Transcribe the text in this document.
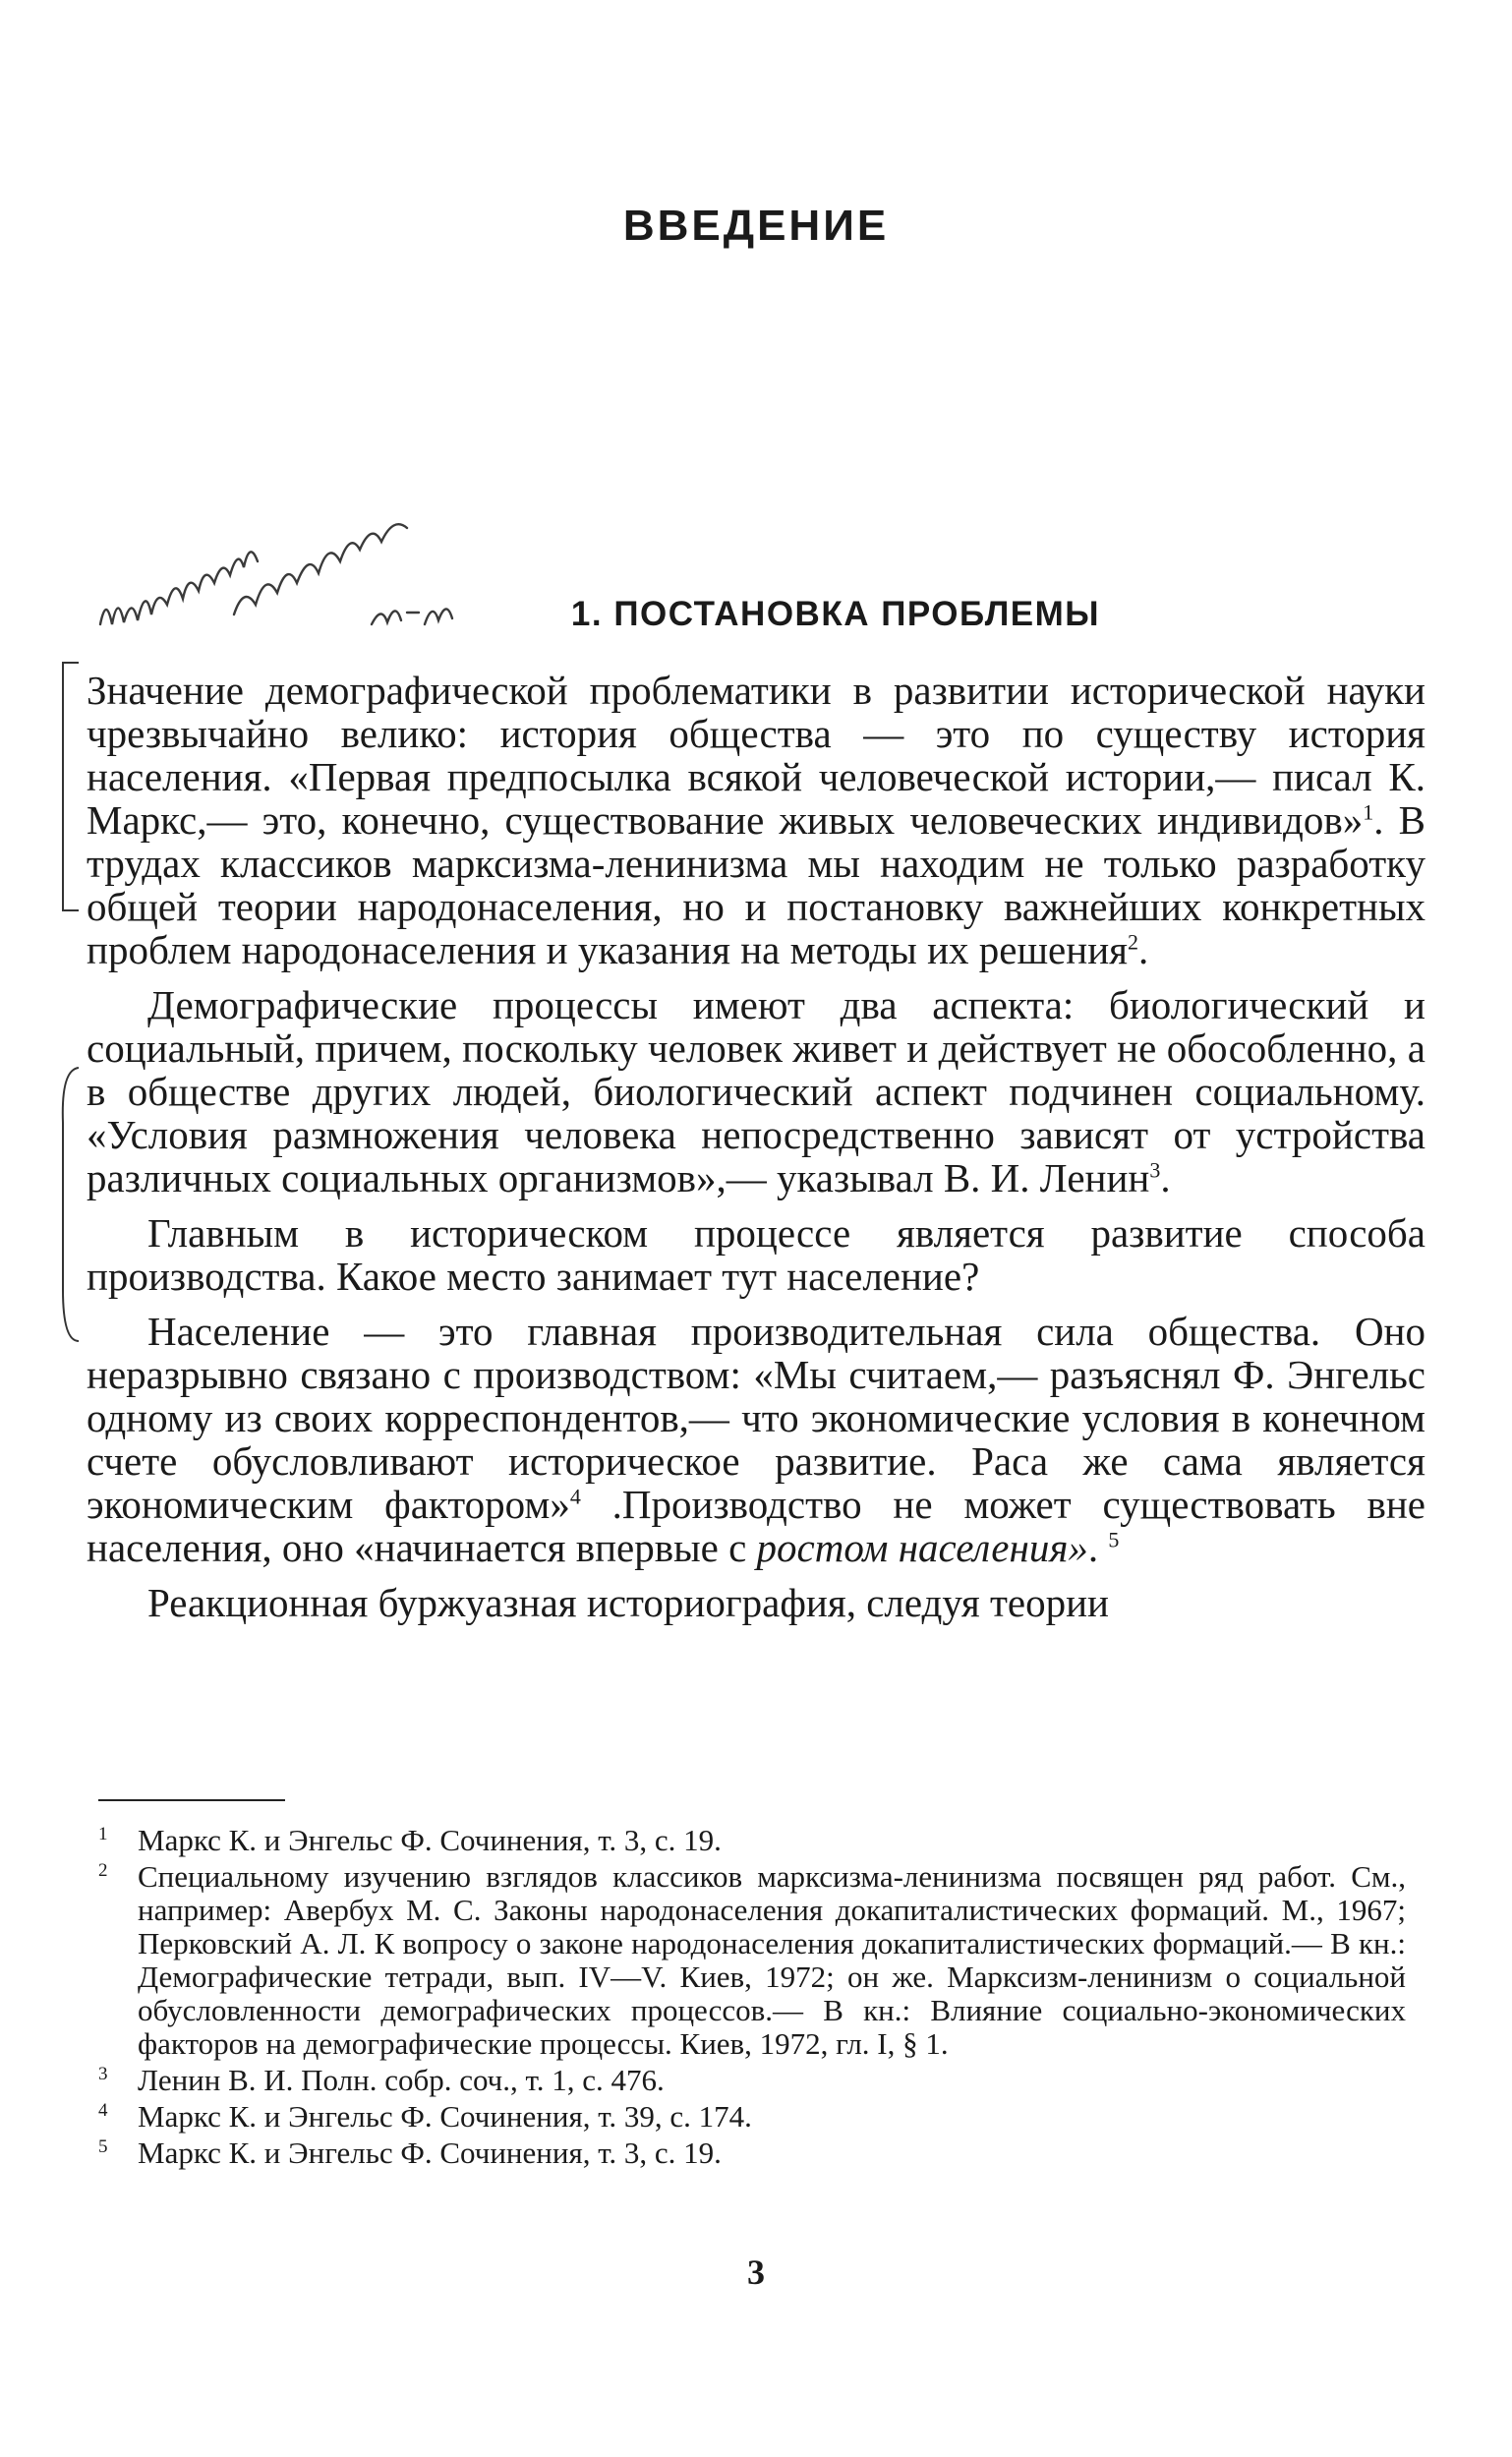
ВВЕДЕНИЕ
1. ПОСТАНОВКА ПРОБЛЕМЫ

Значение демографической проблематики в развитии исторической науки чрезвычайно велико: история общества — это по существу история населения. «Первая предпосылка всякой человеческой истории,— писал К. Маркс,— это, конечно, существование живых человеческих индивидов»$^1$. В трудах классиков марксизма-ленинизма мы находим не только разработку общей теории народонаселения, но и постановку важнейших конкретных проблем народонаселения и указания на методы их решения$^2$.

Демографические процессы имеют два аспекта: биологический и социальный, причем, поскольку человек живет и действует не обособленно, а в обществе других людей, биологический аспект подчинен социальному. «Условия размножения человека непосредственно зависят от устройства различных социальных организмов»,— указывал В. И. Ленин$^3$.

Главным в историческом процессе является развитие способа производства. Какое место занимает тут население?

Население — это главная производительная сила общества. Оно неразрывно связано с производством: «Мы считаем,— разъяснял Ф. Энгельс одному из своих корреспондентов,— что экономические условия в конечном счете обусловливают историческое развитие. Раса же сама является экономическим фактором»$^4$ .Производство не может существовать вне населения, оно «начинается впервые с ростом населения». $^5$

Реакционная буржуазная историография, следуя теории

1 Маркс К. и Энгельс Ф. Сочинения, т. 3, с. 19.
2 Специальному изучению взглядов классиков марксизма-ленинизма посвящен ряд работ. См., например: Авербух М. С. Законы народонаселения докапиталистических формаций. М., 1967; Перковский А. Л. К вопросу о законе народонаселения докапиталистических формаций.— В кн.: Демографические тетради, вып. IV—V. Киев, 1972; он же. Марксизм-ленинизм о социальной обусловленности демографических процессов.— В кн.: Влияние социально-экономических факторов на демографические процессы. Киев, 1972, гл. I, § 1.
3 Ленин В. И. Полн. собр. соч., т. 1, с. 476.
4 Маркс К. и Энгельс Ф. Сочинения, т. 39, с. 174.
5 Маркс К. и Энгельс Ф. Сочинения, т. 3, с. 19.
3
